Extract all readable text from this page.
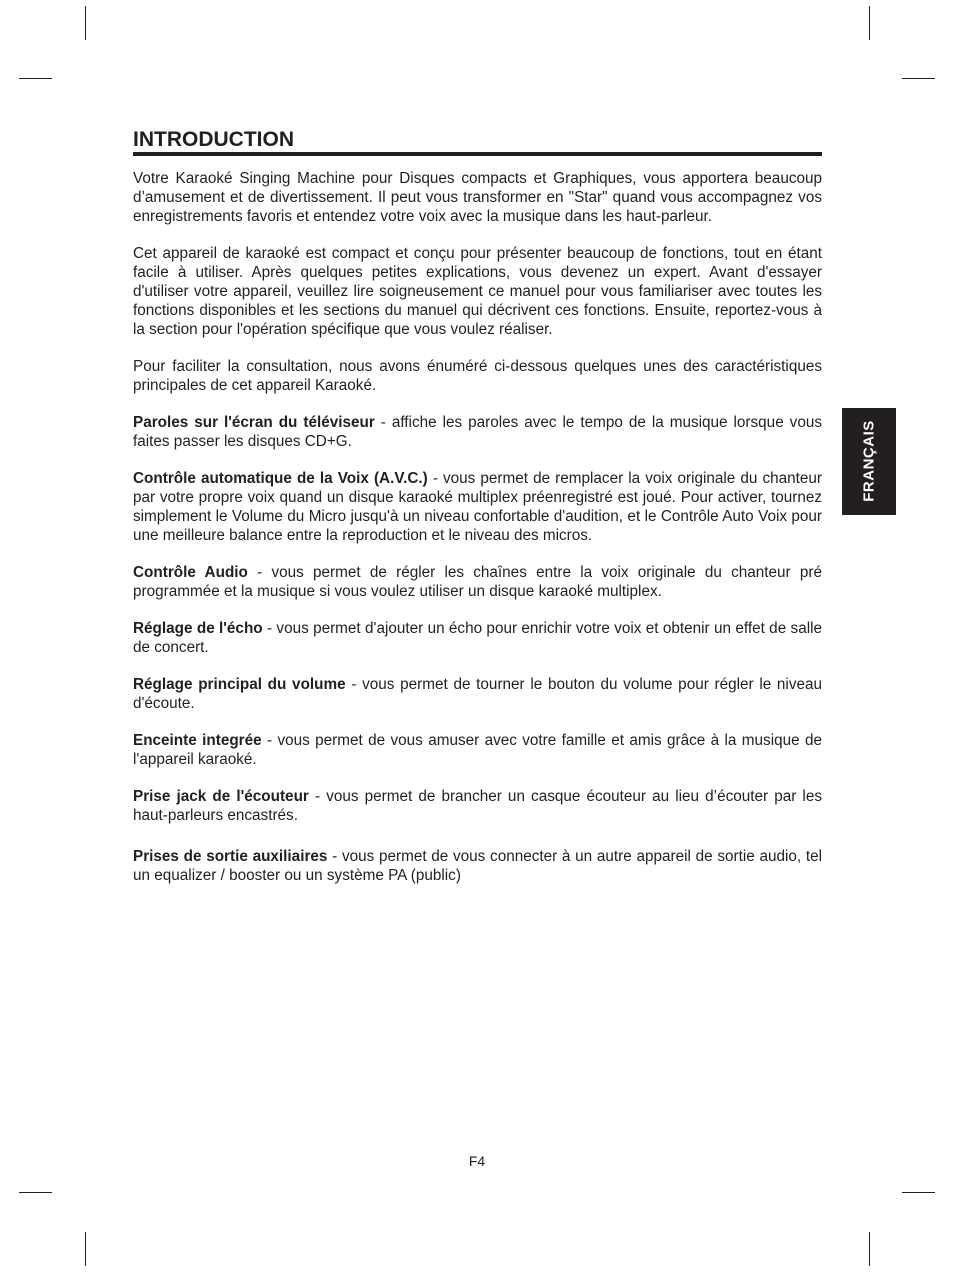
INTRODUCTION

Votre Karaoké Singing Machine pour Disques compacts et Graphiques, vous apportera beaucoup d’amusement et de divertissement. Il peut vous transformer en "Star" quand vous accompagnez vos enregistrements favoris et entendez votre voix avec la musique dans les haut-parleur.

Cet appareil de karaoké est compact et conçu pour présenter beaucoup de fonctions, tout en étant facile à utiliser. Après quelques petites explications, vous devenez un expert. Avant d'essayer d'utiliser votre appareil, veuillez lire soigneusement ce manuel pour vous familiariser avec toutes les fonctions disponibles et les sections du manuel qui décrivent ces fonctions. Ensuite, reportez-vous à la section pour l'opération spécifique que vous voulez réaliser.

Pour faciliter la consultation, nous avons énuméré ci-dessous quelques unes des caractéristiques principales de cet appareil Karaoké.

Paroles sur l'écran du téléviseur - affiche les paroles avec le tempo de la musique lorsque vous faites passer les disques CD+G.

Contrôle automatique de la Voix (A.V.C.) - vous permet de remplacer la voix originale du chanteur par votre propre voix quand un disque karaoké multiplex préenregistré est joué. Pour activer, tournez simplement le Volume du Micro jusqu'à un niveau confortable d'audition, et le Contrôle Auto Voix pour une meilleure balance entre la reproduction et le niveau des micros.

Contrôle Audio - vous permet de régler les chaînes entre la voix originale du chanteur pré programmée et la musique si vous voulez utiliser un disque karaoké multiplex.

Réglage de l'écho - vous permet d'ajouter un écho pour enrichir votre voix et obtenir un effet de salle de concert.

Réglage principal du volume - vous permet de tourner le bouton du volume pour régler le niveau d'écoute.

Enceinte integrée - vous permet de vous amuser avec votre famille et amis grâce à la musique de l'appareil karaoké.

Prise jack de l'écouteur - vous permet de brancher un casque écouteur au lieu d’écouter par les haut-parleurs encastrés.

Prises de sortie auxiliaires - vous permet de vous connecter à un autre appareil de sortie audio, tel un equalizer / booster ou un système PA (public)

FRANÇAIS
F4
